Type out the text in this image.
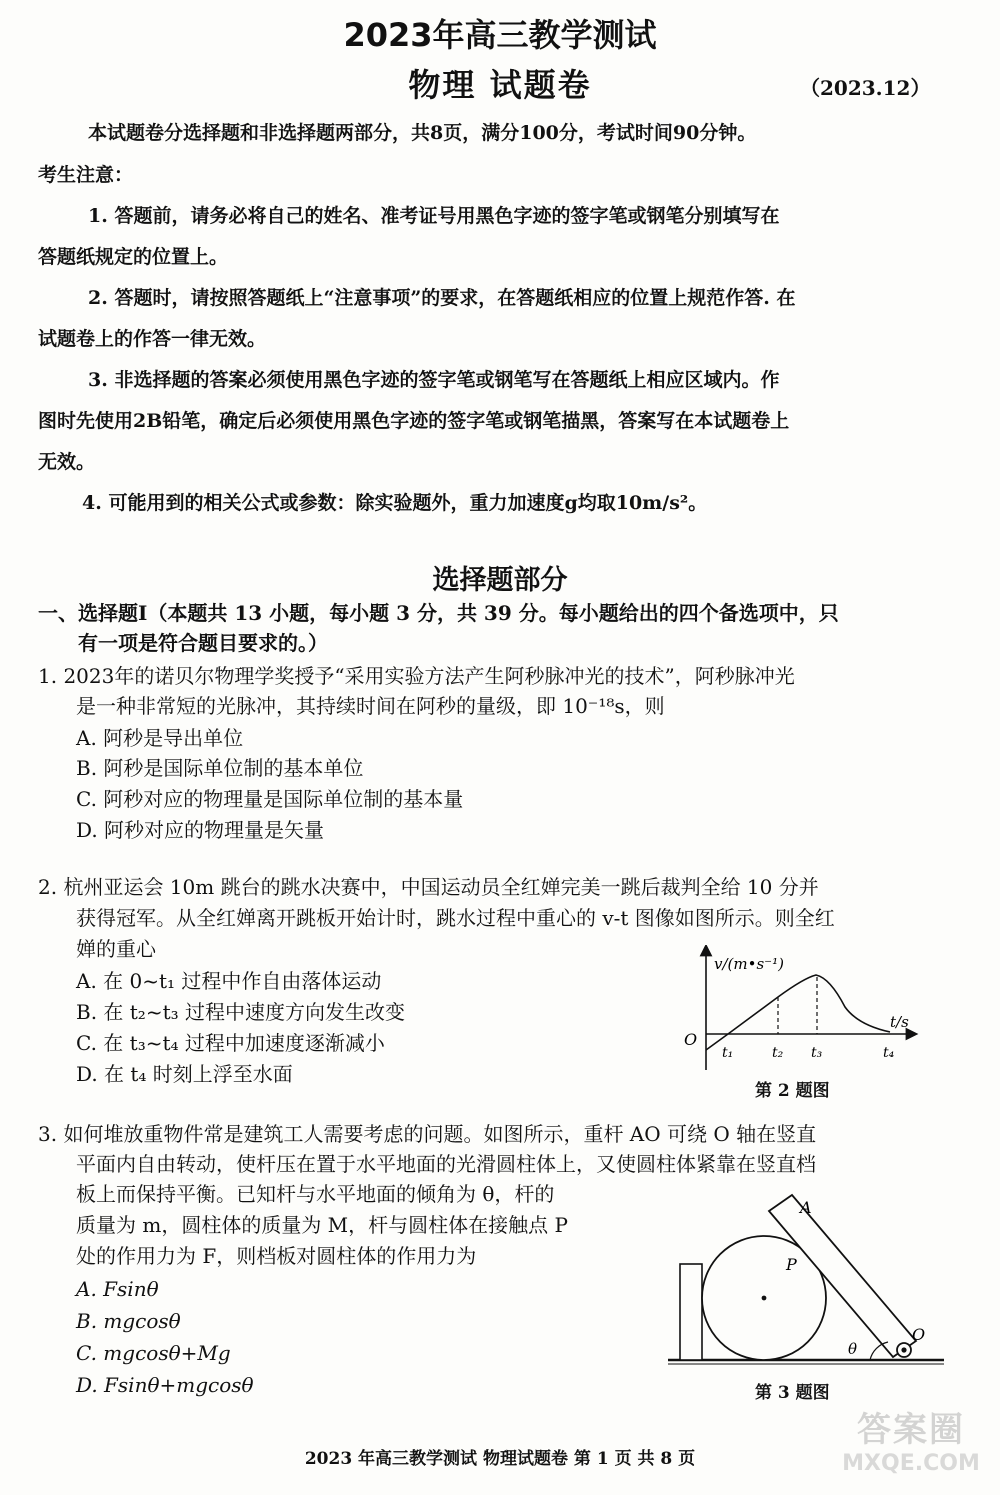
2023年高三教学测试
物理 试题卷	（2023.12）
本试题卷分选择题和非选择题两部分，共8页，满分100分，考试时间90分钟。
考生注意：
1. 答题前，请务必将自己的姓名、准考证号用黑色字迹的签字笔或钢笔分别填写在
答题纸规定的位置上。
2. 答题时，请按照答题纸上“注意事项”的要求，在答题纸相应的位置上规范作答. 在
试题卷上的作答一律无效。
3. 非选择题的答案必须使用黑色字迹的签字笔或钢笔写在答题纸上相应区域内。作
图时先使用2B铅笔，确定后必须使用黑色字迹的签字笔或钢笔描黑，答案写在本试题卷上
无效。
4. 可能用到的相关公式或参数：除实验题外，重力加速度g均取10m/s²。
选择题部分
一、选择题Ⅰ（本题共 13 小题，每小题 3 分，共 39 分。每小题给出的四个备选项中，只
有一项是符合题目要求的。）
1. 2023年的诺贝尔物理学奖授予“采用实验方法产生阿秒脉冲光的技术”，阿秒脉冲光
是一种非常短的光脉冲，其持续时间在阿秒的量级，即 10⁻¹⁸s，则
A. 阿秒是导出单位
B. 阿秒是国际单位制的基本单位
C. 阿秒对应的物理量是国际单位制的基本量
D. 阿秒对应的物理量是矢量
2. 杭州亚运会 10m 跳台的跳水决赛中，中国运动员全红婵完美一跳后裁判全给 10 分并
获得冠军。从全红婵离开跳板开始计时，跳水过程中重心的 v-t 图像如图所示。则全红
婵的重心
A. 在 0~t₁ 过程中作自由落体运动
B. 在 t₂~t₃ 过程中速度方向发生改变
C. 在 t₃~t₄ 过程中加速度逐渐减小
D. 在 t₄ 时刻上浮至水面
v/(m•s⁻¹)
t/s
O
t₁	t₂ t₃	t₄
第 2 题图
3. 如何堆放重物件常是建筑工人需要考虑的问题。如图所示，重杆 AO 可绕 O 轴在竖直
平面内自由转动，使杆压在置于水平地面的光滑圆柱体上，又使圆柱体紧靠在竖直档
板上而保持平衡。已知杆与水平地面的倾角为 θ，杆的
质量为 m，圆柱体的质量为 M，杆与圆柱体在接触点 P
处的作用力为 F，则档板对圆柱体的作用力为
A. Fsinθ
B. mgcosθ
C. mgcosθ+Mg
D. Fsinθ+mgcosθ
A
P
O
θ
第 3 题图
2023 年高三教学测试 物理试题卷 第 1 页 共 8 页
答案圈
MXQE.COM
